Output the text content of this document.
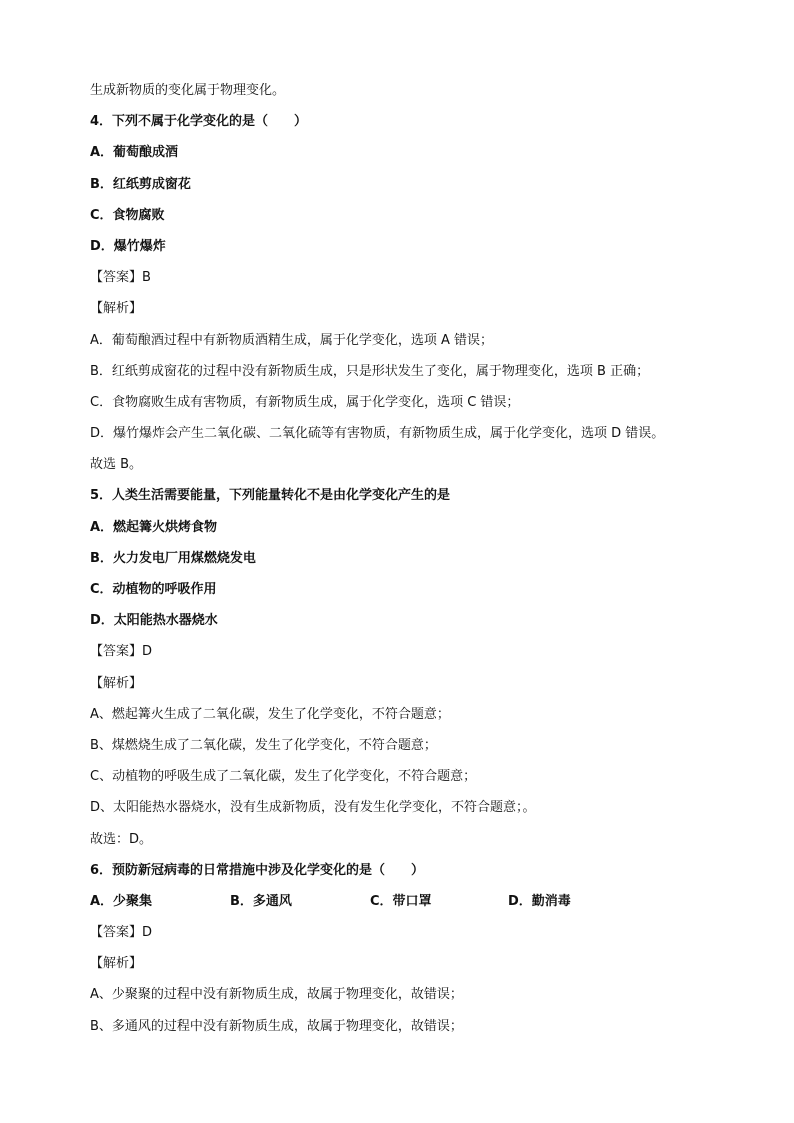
生成新物质的变化属于物理变化。
4．下列不属于化学变化的是（　　）
A．葡萄酿成酒
B．红纸剪成窗花
C．食物腐败
D．爆竹爆炸
【答案】B
【解析】
A．葡萄酿酒过程中有新物质酒精生成，属于化学变化，选项 A 错误；
B．红纸剪成窗花的过程中没有新物质生成，只是形状发生了变化，属于物理变化，选项 B 正确；
C．食物腐败生成有害物质，有新物质生成，属于化学变化，选项 C 错误；
D．爆竹爆炸会产生二氧化碳、二氧化硫等有害物质，有新物质生成，属于化学变化，选项 D 错误。
故选 B。
5．人类生活需要能量，下列能量转化不是由化学变化产生的是
A．燃起篝火烘烤食物
B．火力发电厂用煤燃烧发电
C．动植物的呼吸作用
D．太阳能热水器烧水
【答案】D
【解析】
A、燃起篝火生成了二氧化碳，发生了化学变化，不符合题意；
B、煤燃烧生成了二氧化碳，发生了化学变化，不符合题意；
C、动植物的呼吸生成了二氧化碳，发生了化学变化，不符合题意；
D、太阳能热水器烧水，没有生成新物质，没有发生化学变化，不符合题意；。
故选：D。
6．预防新冠病毒的日常措施中涉及化学变化的是（　　）
A．少聚集	B．多通风	C．带口罩	D．勤消毒
【答案】D
【解析】
A、少聚聚的过程中没有新物质生成，故属于物理变化，故错误；
B、多通风的过程中没有新物质生成，故属于物理变化，故错误；
